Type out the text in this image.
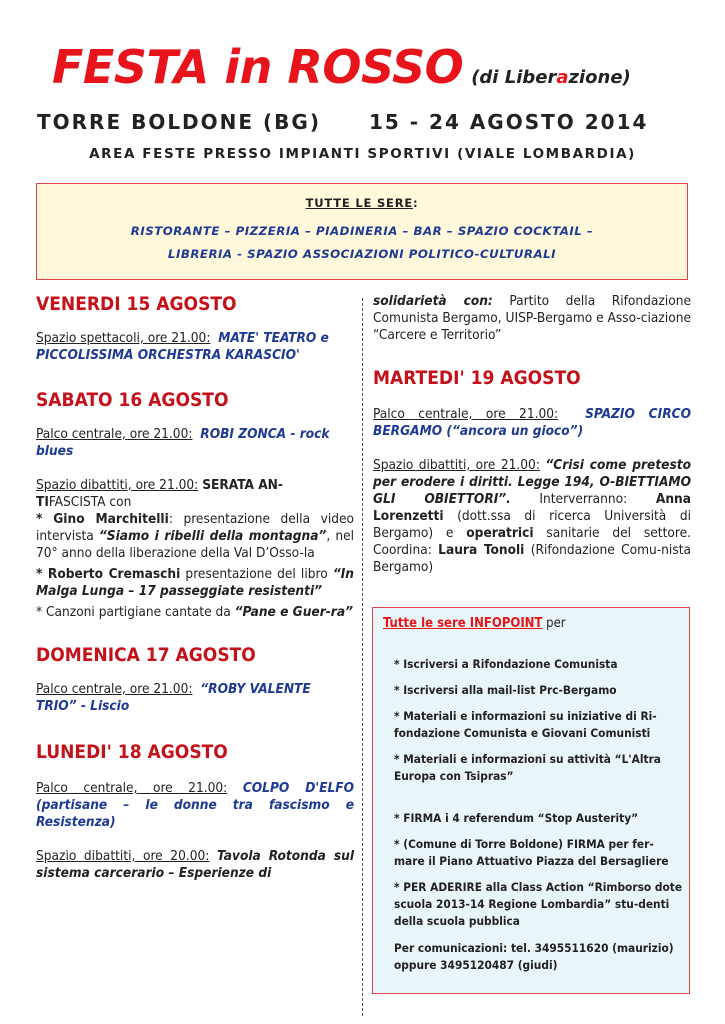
FESTA in ROSSO (di Liberazione)
TORRE BOLDONE (BG) 15 - 24 AGOSTO 2014
AREA FESTE PRESSO IMPIANTI SPORTIVI (VIALE LOMBARDIA)
TUTTE LE SERE:
RISTORANTE – PIZZERIA – PIADINERIA – BAR – SPAZIO COCKTAIL –
LIBRERIA - SPAZIO ASSOCIAZIONI POLITICO-CULTURALI
VENERDI 15 AGOSTO

Spazio spettacoli, ore 21.00: MATE' TEATRO e PICCOLISSIMA ORCHESTRA KARASCIO'

SABATO 16 AGOSTO

Palco centrale, ore 21.00: ROBI ZONCA - rock blues

Spazio dibattiti, ore 21.00: SERATA AN-
TIFASCISTA con

* Gino Marchitelli: presentazione della video intervista “Siamo i ribelli della montagna”, nel 70° anno della liberazione della Val D’Osso-la

* Roberto Cremaschi presentazione del libro “In Malga Lunga – 17 passeggiate resistenti”

* Canzoni partigiane cantate da “Pane e Guer-ra”

DOMENICA 17 AGOSTO

Palco centrale, ore 21.00: “ROBY VALENTE TRIO” - Liscio

LUNEDI' 18 AGOSTO

Palco centrale, ore 21.00: COLPO D'ELFO (partisane – le donne tra fascismo e Resistenza)

Spazio dibattiti, ore 20.00: Tavola Rotonda sul sistema carcerario – Esperienze di

solidarietà con: Partito della Rifondazione Comunista Bergamo, UISP-Bergamo e Asso-ciazione “Carcere e Territorio”

MARTEDI' 19 AGOSTO

Palco centrale, ore 21.00: SPAZIO CIRCO BERGAMO (“ancora un gioco”)

Spazio dibattiti, ore 21.00: “Crisi come pretesto per erodere i diritti. Legge 194, O-BIETTIAMO GLI OBIETTORI”. Interverranno: Anna Lorenzetti (dott.ssa di ricerca Università di Bergamo) e operatrici sanitarie del settore. Coordina: Laura Tonoli (Rifondazione Comu-nista Bergamo)

Tutte le sere INFOPOINT per
* Iscriversi a Rifondazione Comunista
* Iscriversi alla mail-list Prc-Bergamo
* Materiali e informazioni su iniziative di Ri-fondazione Comunista e Giovani Comunisti
* Materiali e informazioni su attività “L'Altra Europa con Tsipras”
* FIRMA i 4 referendum “Stop Austerity”
* (Comune di Torre Boldone) FIRMA per fer-mare il Piano Attuativo Piazza del Bersagliere
* PER ADERIRE alla Class Action “Rimborso dote scuola 2013-14 Regione Lombardia” stu-denti della scuola pubblica
Per comunicazioni: tel. 3495511620 (maurizio) oppure 3495120487 (giudi)
